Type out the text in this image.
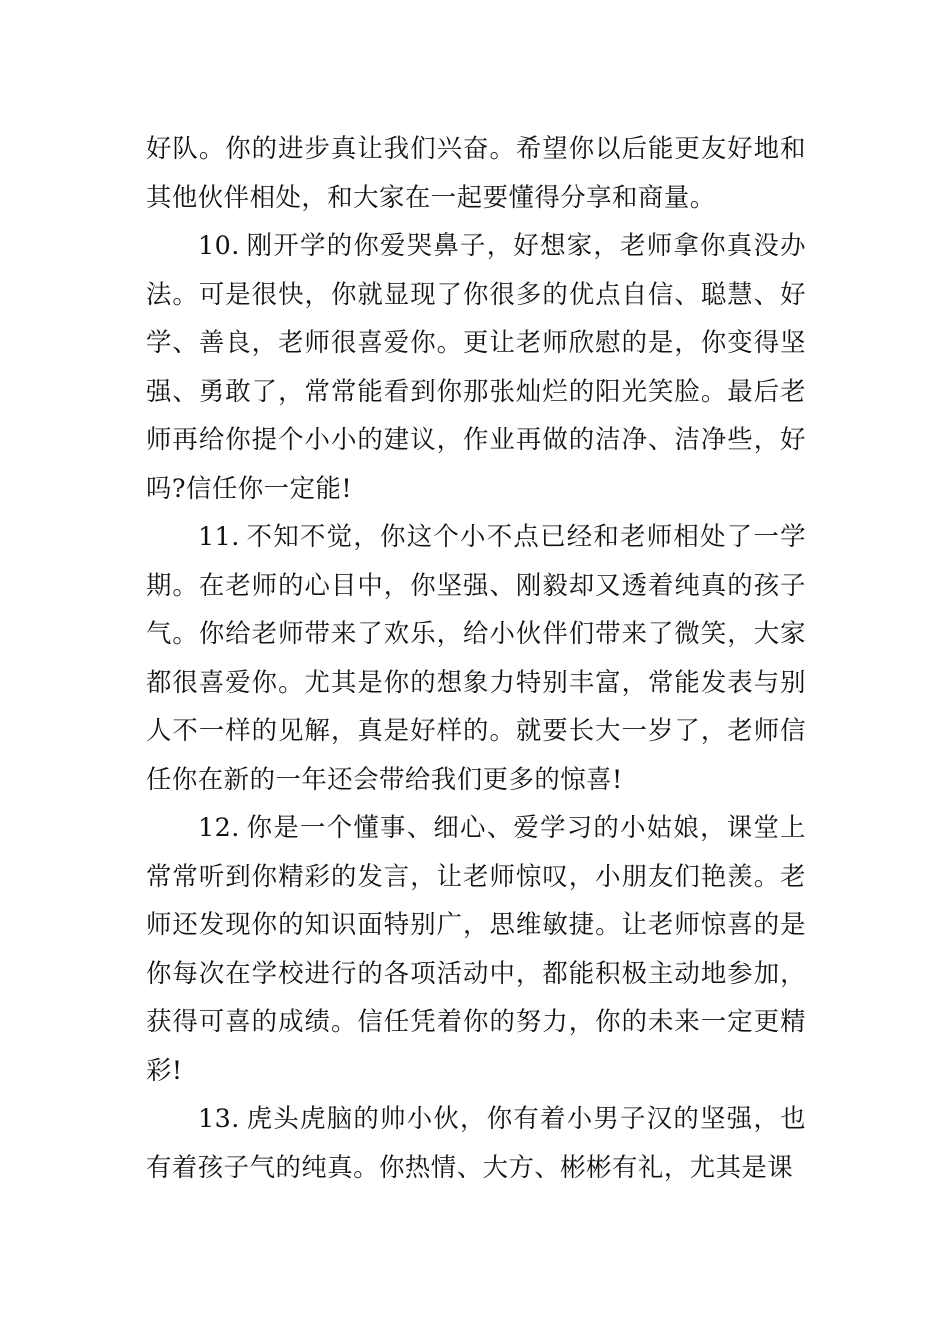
好队。你的进步真让我们兴奋。希望你以后能更友好地和其他伙伴相处，和大家在一起要懂得分享和商量。

10. 刚开学的你爱哭鼻子，好想家，老师拿你真没办法。可是很快，你就显现了你很多的优点自信、聪慧、好学、善良，老师很喜爱你。更让老师欣慰的是，你变得坚强、勇敢了，常常能看到你那张灿烂的阳光笑脸。最后老师再给你提个小小的建议，作业再做的洁净、洁净些，好吗?信任你一定能!

11. 不知不觉，你这个小不点已经和老师相处了一学期。在老师的心目中，你坚强、刚毅却又透着纯真的孩子气。你给老师带来了欢乐，给小伙伴们带来了微笑，大家都很喜爱你。尤其是你的想象力特别丰富，常能发表与别人不一样的见解，真是好样的。就要长大一岁了，老师信任你在新的一年还会带给我们更多的惊喜!

12. 你是一个懂事、细心、爱学习的小姑娘，课堂上常常听到你精彩的发言，让老师惊叹，小朋友们艳羡。老师还发现你的知识面特别广，思维敏捷。让老师惊喜的是你每次在学校进行的各项活动中，都能积极主动地参加，获得可喜的成绩。信任凭着你的努力，你的未来一定更精彩!

13. 虎头虎脑的帅小伙，你有着小男子汉的坚强，也有着孩子气的纯真。你热情、大方、彬彬有礼，尤其是课
